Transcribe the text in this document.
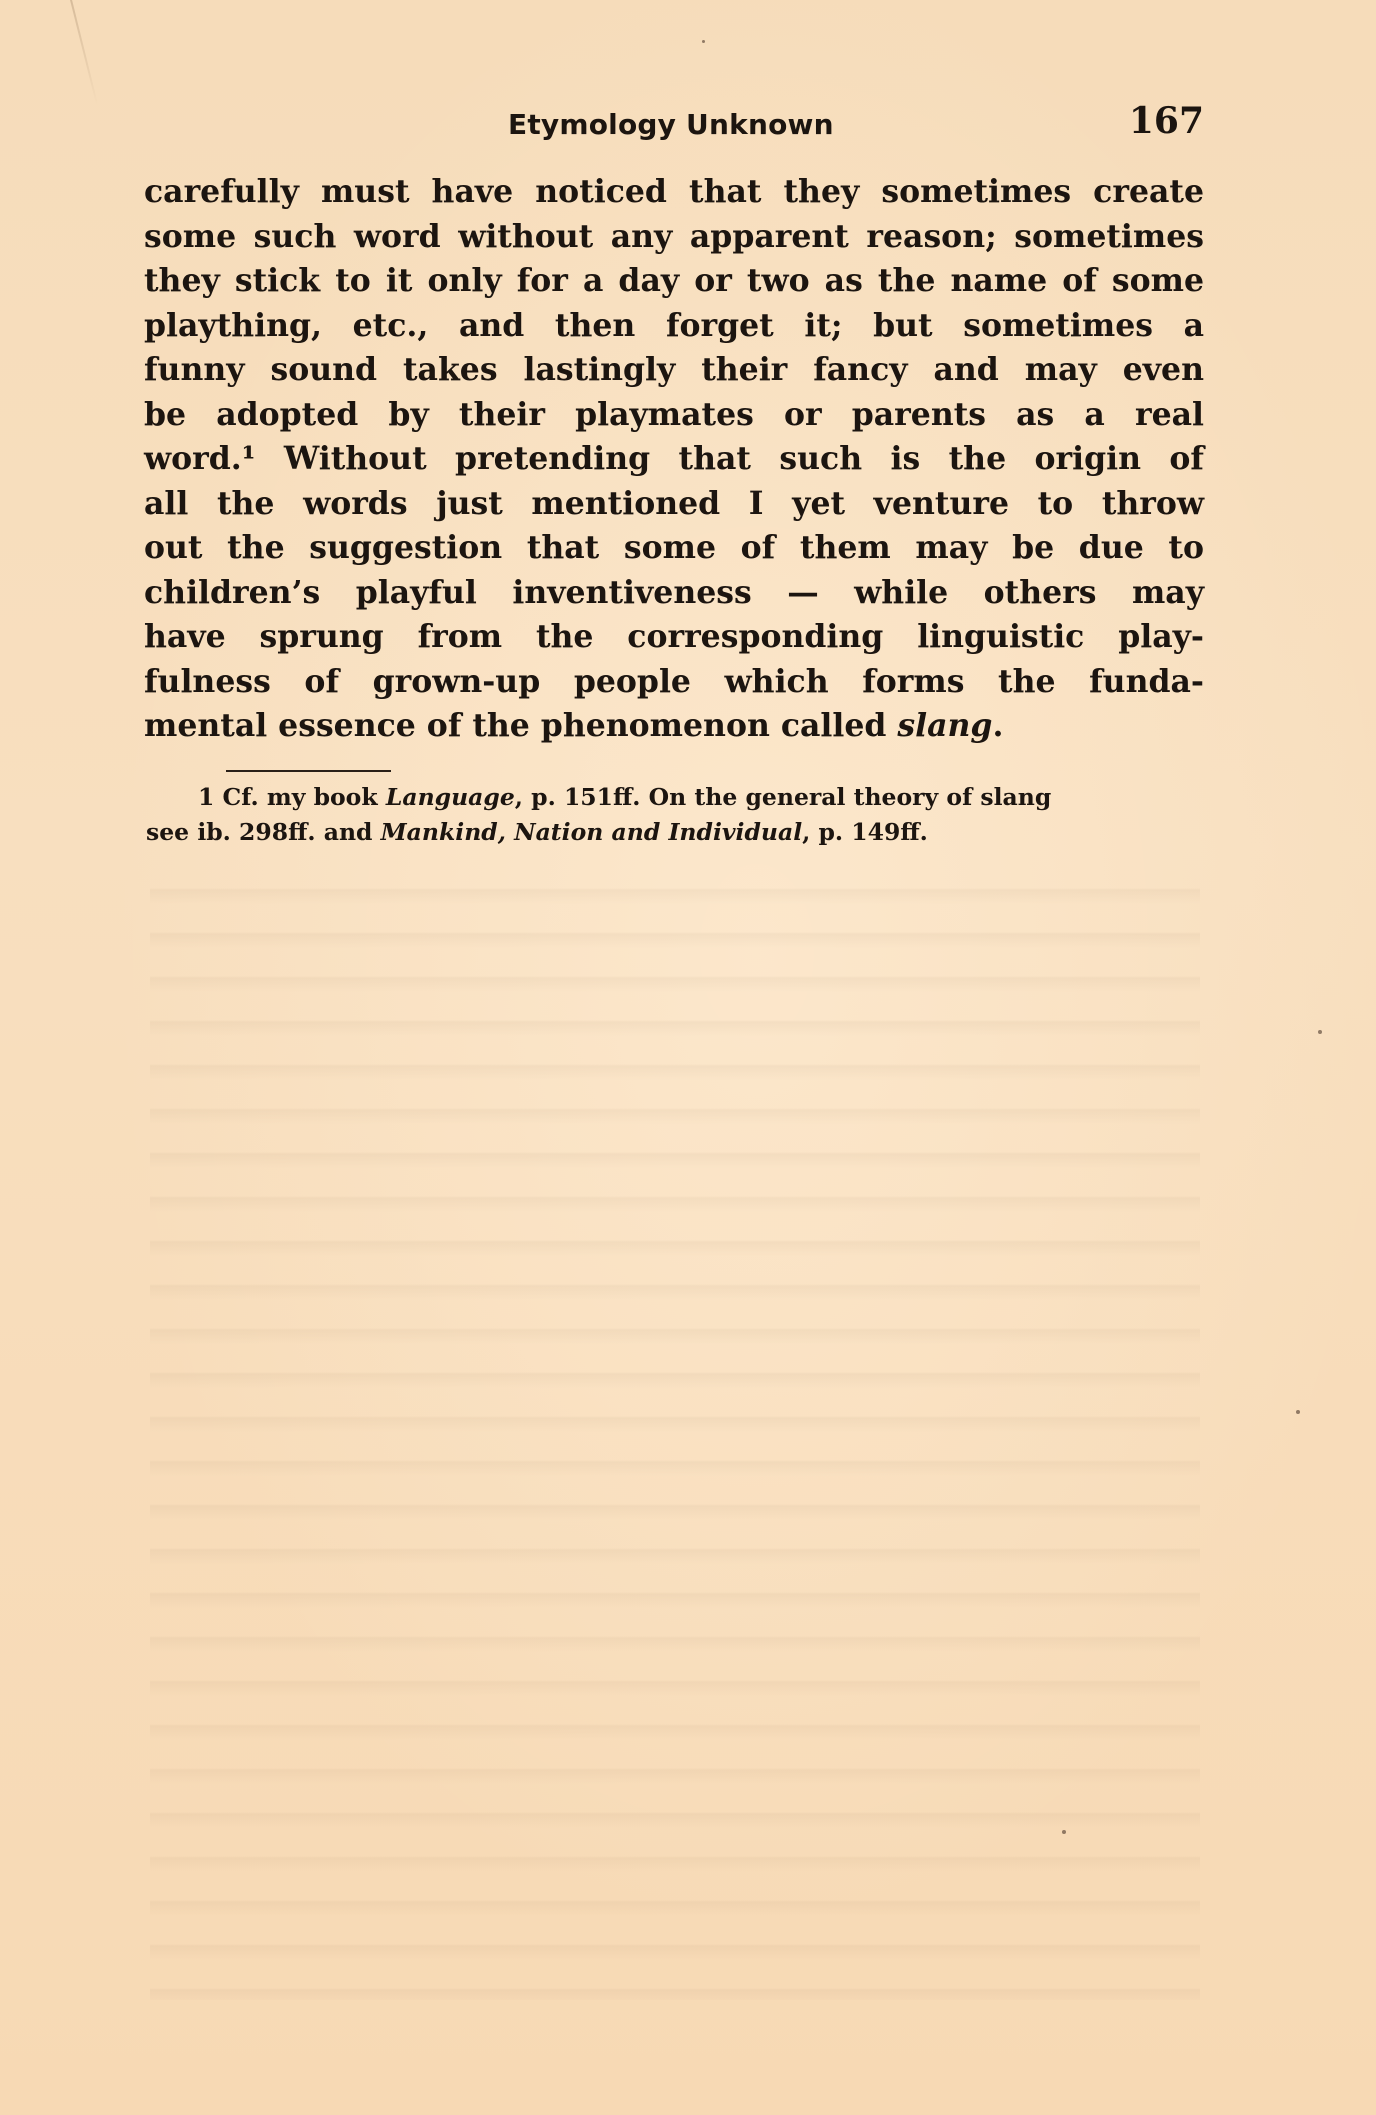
Etymology Unknown	167
carefully must have noticed that they sometimes create
some such word without any apparent reason; sometimes
they stick to it only for a day or two as the name of some
plaything, etc., and then forget it; but sometimes a
funny sound takes lastingly their fancy and may even
be adopted by their playmates or parents as a real
word.¹ Without pretending that such is the origin of
all the words just mentioned I yet venture to throw
out the suggestion that some of them may be due to
children’s playful inventiveness — while others may
have sprung from the corresponding linguistic play-
fulness of grown-up people which forms the funda-
mental essence of the phenomenon called slang.
1 Cf. my book Language, p. 151ff. On the general theory of slang
see ib. 298ff. and Mankind, Nation and Individual, p. 149ff.
